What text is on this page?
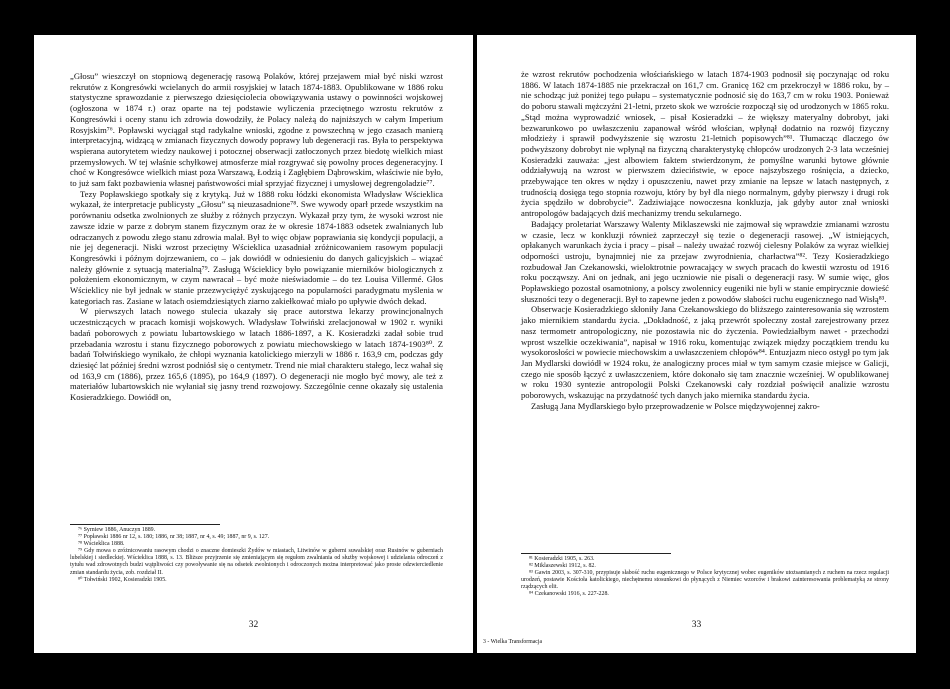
„Głosu” wieszczył on stopniową degenerację rasową Polaków, której przejawem miał być niski wzrost rekrutów z Kongresówki wcielanych do armii rosyjskiej w latach 1874-1883. Opublikowane w 1886 roku statystyczne sprawozdanie z pierwszego dziesięciolecia obowiązywania ustawy o powinności wojskowej (ogłoszona w 1874 r.) oraz oparte na tej podstawie wyliczenia przeciętnego wzrostu rekrutów z Kongresówki i oceny stanu ich zdrowia dowodziły, że Polacy należą do najniższych w całym Imperium Rosyjskim⁷⁶. Popławski wyciągał stąd radykalne wnioski, zgodne z powszechną w jego czasach manierą interpretacyjną, widzącą w zmianach fizycznych dowody poprawy lub degeneracji ras. Była to perspektywa wspierana autorytetem wiedzy naukowej i potocznej obserwacji zatłoczonych przez biedotę wielkich miast przemysłowych. W tej właśnie schyłkowej atmosferze miał rozgrywać się powolny proces degeneracyjny. I choć w Kongresówce wielkich miast poza Warszawą, Łodzią i Zagłębiem Dąbrowskim, właściwie nie było, to już sam fakt pozbawienia własnej państwowości miał sprzyjać fizycznej i umysłowej degrengoladzie⁷⁷.

Tezy Popławskiego spotkały się z krytyką. Już w 1888 roku łódzki ekonomista Władysław Wścieklica wykazał, że interpretacje publicysty „Głosu” są nieuzasadnione⁷⁸. Swe wywody oparł przede wszystkim na porównaniu odsetka zwolnionych ze służby z różnych przyczyn. Wykazał przy tym, że wysoki wzrost nie zawsze idzie w parze z dobrym stanem fizycznym oraz że w okresie 1874-1883 odsetek zwalnianych lub odraczanych z powodu złego stanu zdrowia malał. Był to więc objaw poprawiania się kondycji populacji, a nie jej degeneracji. Niski wzrost przeciętny Wścieklica uzasadniał zróżnicowaniem rasowym populacji Kongresówki i późnym dojrzewaniem, co – jak dowiódł w odniesieniu do danych galicyjskich – wiązać należy głównie z sytuacją materialną⁷⁹. Zasługą Wścieklicy było powiązanie mierników biologicznych z położeniem ekonomicznym, w czym nawracał – być może nieświadomie – do tez Louisa Villermé. Głos Wścieklicy nie był jednak w stanie przezwyciężyć zyskującego na popularności paradygmatu myślenia w kategoriach ras. Zasiane w latach osiemdziesiątych ziarno zakiełkować miało po upływie dwóch dekad.

W pierwszych latach nowego stulecia ukazały się prace autorstwa lekarzy prowincjonalnych uczestniczących w pracach komisji wojskowych. Władysław Tołwiński zrelacjonował w 1902 r. wyniki badań poborowych z powiatu lubartowskiego w latach 1886-1897, a K. Kosieradzki zadał sobie trud przebadania wzrostu i stanu fizycznego poborowych z powiatu miechowskiego w latach 1874-1903⁸⁰. Z badań Tołwińskiego wynikało, że chłopi wyznania katolickiego mierzyli w 1886 r. 163,9 cm, podczas gdy dziesięć lat później średni wzrost podniósł się o centymetr. Trend nie miał charakteru stałego, lecz wahał się od 163,9 cm (1886), przez 165,6 (1895), po 164,9 (1897). O degeneracji nie mogło być mowy, ale też z materiałów lubartowskich nie wyłaniał się jasny trend rozwojowy. Szczególnie cenne okazały się ustalenia Kosieradzkiego. Dowiódł on,

⁷⁶ Syrniew 1886, Anuczyn 1889.

⁷⁷ Popławski 1886 nr 12, s. 180; 1886, nr 38; 1887, nr 4, s. 49; 1887, nr 9, s. 127.

⁷⁸ Wścieklica 1888.

⁷⁹ Gdy mowa o zróżnicowaniu rasowym chodzi o znaczne domieszki Żydów w miastach, Litwinów w guberni suwalskiej oraz Rusinów w guberniach lubelskiej i siedleckiej. Wścieklica 1888, s. 13. Bliższe przyjrzenie się zmieniającym się regułom zwalniania od służby wojskowej i udzielania odroczeń z tytułu wad zdrowotnych budzi wątpliwości czy powoływanie się na odsetek zwolnionych i odroczonych można interpretować jako proste odzwierciedlenie zmian standardu życia, zob. rozdział II.

⁸⁰ Tołwiński 1902, Kosieradzki 1905.

32

że wzrost rekrutów pochodzenia włościańskiego w latach 1874-1903 podnosił się poczynając od roku 1886. W latach 1874-1885 nie przekraczał on 161,7 cm. Granicę 162 cm przekroczył w 1886 roku, by – nie schodząc już poniżej tego pułapu – systematycznie podnosić się do 163,7 cm w roku 1903. Ponieważ do poboru stawali mężczyźni 21-letni, przeto skok we wzroście rozpoczął się od urodzonych w 1865 roku. „Stąd można wyprowadzić wniosek, – pisał Kosieradzki – że większy materyalny dobrobyt, jaki bezwarunkowo po uwłaszczeniu zapanował wśród włościan, wpłynął dodatnio na rozwój fizyczny młodzieży i sprawił podwyższenie się wzrostu 21-letnich popisowych”⁸¹. Tłumacząc dlaczego ów podwyższony dobrobyt nie wpłynął na fizyczną charakterystykę chłopców urodzonych 2-3 lata wcześniej Kosieradzki zauważa: „jest albowiem faktem stwierdzonym, że pomyślne warunki bytowe głównie oddziaływują na wzrost w pierwszem dzieciństwie, w epoce najszybszego rośnięcia, a dziecko, przebywające ten okres w nędzy i opuszczeniu, nawet przy zmianie na lepsze w latach następnych, z trudnością dosięga tego stopnia rozwoju, który by był dla niego normalnym, gdyby pierwszy i drugi rok życia spędziło w dobrobycie”. Zadziwiające nowoczesna konkluzja, jak gdyby autor znał wnioski antropologów badających dziś mechanizmy trendu sekularnego.

Badający proletariat Warszawy Walenty Miklaszewski nie zajmował się wprawdzie zmianami wzrostu w czasie, lecz w konkluzji również zaprzeczył się tezie o degeneracji rasowej. „W istniejących, opłakanych warunkach życia i pracy – pisał – należy uważać rozwój cielesny Polaków za wyraz wielkiej odporności ustroju, bynajmniej nie za przejaw zwyrodnienia, charłactwa”⁸². Tezy Kosieradzkiego rozbudował Jan Czekanowski, wieloktrotnie powracający w swych pracach do kwestii wzrostu od 1916 roku począwszy. Ani on jednak, ani jego uczniowie nie pisali o degeneracji rasy. W sumie więc, głos Popławskiego pozostał osamotniony, a polscy zwolennicy eugeniki nie byli w stanie empirycznie dowieść słuszności tezy o degeneracji. Był to zapewne jeden z powodów słabości ruchu eugenicznego nad Wisłą⁸³.

Obserwacje Kosieradzkiego skłoniły Jana Czekanowskiego do bliższego zainteresowania się wzrostem jako miernikiem standardu życia. „Dokładność, z jaką przewrót społeczny został zarejestrowany przez nasz termometr antropologiczny, nie pozostawia nic do życzenia. Powiedziałbym nawet - przechodzi wprost wszelkie oczekiwania”, napisał w 1916 roku, komentując związek między początkiem trendu ku wysokorosłości w powiecie miechowskim a uwłaszczeniem chłopów⁸⁴. Entuzjazm nieco ostygł po tym jak Jan Mydlarski dowiódł w 1924 roku, że analogiczny proces miał w tym samym czasie miejsce w Galicji, czego nie sposób łączyć z uwłaszczeniem, które dokonało się tam znacznie wcześniej. W opublikowanej w roku 1930 syntezie antropologii Polski Czekanowski cały rozdział poświęcił analizie wzrostu poborowych, wskazując na przydatność tych danych jako miernika standardu życia.

Zasługą Jana Mydlarskiego było przeprowadzenie w Polsce międzywojennej zakro-

⁸¹ Kosieradzki 1905, s. 263.

⁸² Miklaszewski 1912, s. 82.

⁸³ Gawin 2003, s. 307-310, przypisuje słabość ruchu eugenicznego w Polsce krytycznej wobec eugeników utożsamianych z ruchem na rzecz regulacji urodzeń, postawie Kościoła katolickiego, niechętnemu stosunkowi do płynących z Niemiec wzorców i brakowi zainteresowania problematyką ze strony rządzących elit.

⁸⁴ Czekanowski 1916, s. 227-228.

33
3 - Wielka Transformacja
